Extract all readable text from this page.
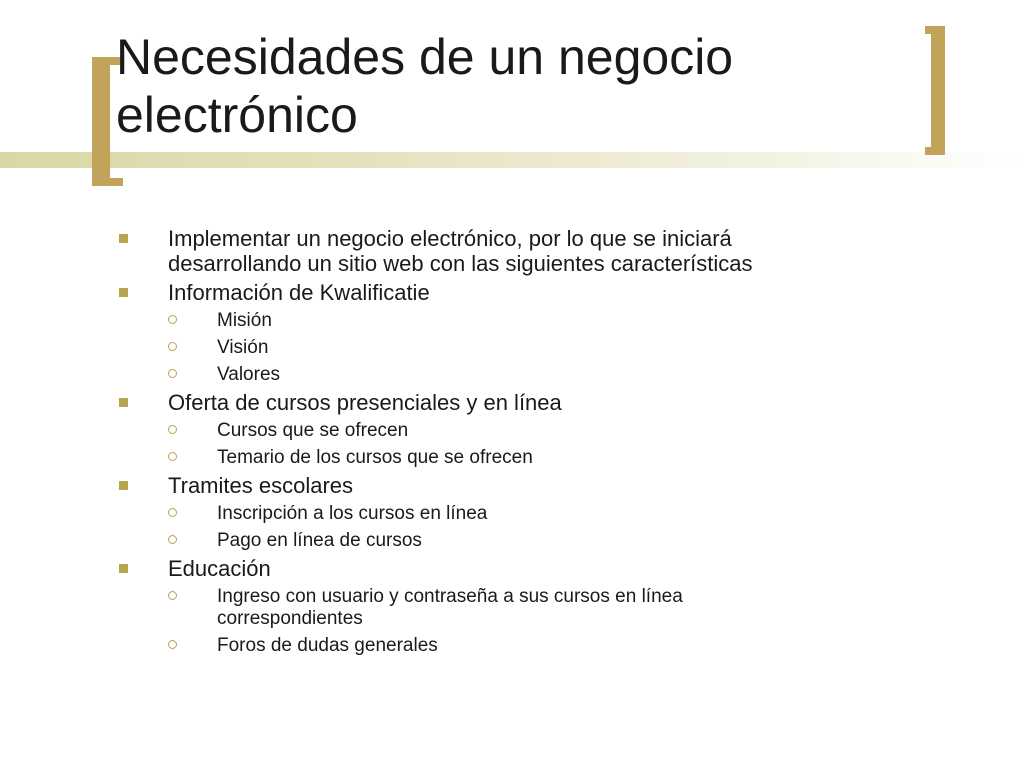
Necesidades de un negocio electrónico
Implementar un negocio electrónico, por lo que se iniciará desarrollando un sitio web con las siguientes características
Información de Kwalificatie
Misión
Visión
Valores
Oferta de cursos presenciales y en línea
Cursos que se ofrecen
Temario de los cursos que se ofrecen
Tramites escolares
Inscripción a los cursos en línea
Pago en línea de cursos
Educación
Ingreso con usuario y contraseña a sus cursos en línea correspondientes
Foros de dudas generales
